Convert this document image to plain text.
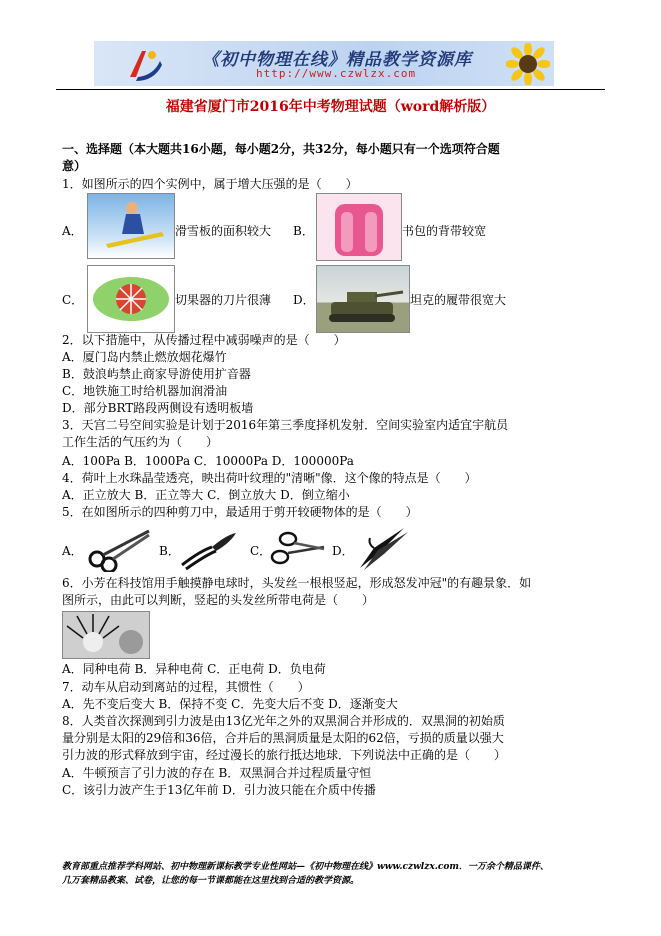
《初中物理在线》精品教学资源库
http://www.czwlzx.com
福建省厦门市2016年中考物理试题（word解析版）
一、选择题（本大题共16小题，每小题2分，共32分，每小题只有一个选项符合题
意）
1．如图所示的四个实例中，属于增大压强的是（　　）
A．	滑雪板的面积较大 B．	书包的背带较宽
C．	切果器的刀片很薄 D．	坦克的履带很宽大
2．以下措施中，从传播过程中减弱噪声的是（　　）
A．厦门岛内禁止燃放烟花爆竹
B．鼓浪屿禁止商家导游使用扩音器
C．地铁施工时给机器加润滑油
D．部分BRT路段两侧设有透明板墙
3．天宫二号空间实验是计划于2016年第三季度择机发射．空间实验室内适宜宇航员
工作生活的气压约为（　　）
A．100Pa B．1000Pa C．10000Pa D．100000Pa
4．荷叶上水珠晶莹透亮，映出荷叶纹理的"清晰"像．这个像的特点是（　　）
A．正立放大 B．正立等大 C．倒立放大 D．倒立缩小
5．在如图所示的四种剪刀中，最适用于剪开较硬物体的是（　　）
A．	B．	C．	D．
6．小芳在科技馆用手触摸静电球时，头发丝一根根竖起，形成怒发冲冠"的有趣景象．如
图所示，由此可以判断，竖起的头发丝所带电荷是（　　）
A．同种电荷 B．异种电荷 C．正电荷 D．负电荷
7．动车从启动到离站的过程，其惯性（　　）
A．先不变后变大 B．保持不变 C．先变大后不变 D．逐渐变大
8．人类首次探测到引力波是由13亿光年之外的双黑洞合并形成的．双黑洞的初始质
量分别是太阳的29倍和36倍，合并后的黑洞质量是太阳的62倍，亏损的质量以强大
引力波的形式释放到宇宙，经过漫长的旅行抵达地球．下列说法中正确的是（　　）
A．牛顿预言了引力波的存在 B．双黑洞合并过程质量守恒
C．该引力波产生于13亿年前 D．引力波只能在介质中传播
教育部重点推荐学科网站、初中物理新课标教学专业性网站—《初中物理在线》www.czwlzx.com．一万余个精品课件、
几万套精品教案、试卷，让您的每一节课都能在这里找到合适的教学资源。
